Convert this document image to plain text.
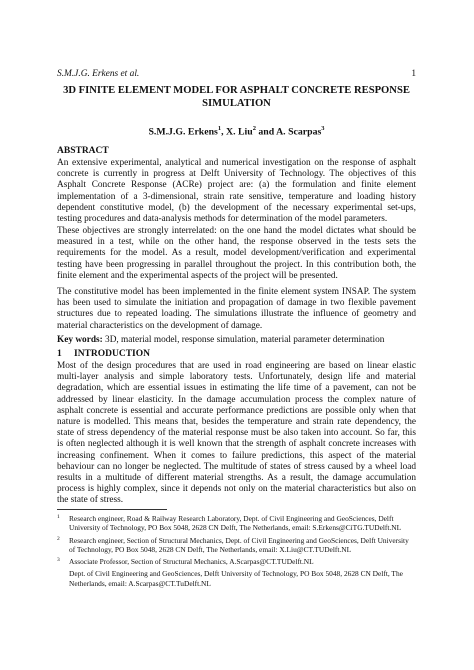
S.M.J.G. Erkens et al.	1
3D FINITE ELEMENT MODEL FOR ASPHALT CONCRETE RESPONSE
SIMULATION
S.M.J.G. Erkens$^1$, X. Liu$^2$ and A. Scarpas$^3$
ABSTRACT

An extensive experimental, analytical and numerical investigation on the response of asphalt concrete is currently in progress at Delft University of Technology. The objectives of this Asphalt Concrete Response (ACRe) project are: (a) the formulation and finite element implementation of a 3-dimensional, strain rate sensitive, temperature and loading history dependent constitutive model, (b) the development of the necessary experimental set-ups, testing procedures and data-analysis methods for determination of the model parameters.

These objectives are strongly interrelated: on the one hand the model dictates what should be measured in a test, while on the other hand, the response observed in the tests sets the requirements for the model. As a result, model development/verification and experimental testing have been progressing in parallel throughout the project. In this contribution both, the finite element and the experimental aspects of the project will be presented.

The constitutive model has been implemented in the finite element system INSAP. The system has been used to simulate the initiation and propagation of damage in two flexible pavement structures due to repeated loading. The simulations illustrate the influence of geometry and material characteristics on the development of damage.

Key words: 3D, material model, response simulation, material parameter determination

1 INTRODUCTION

Most of the design procedures that are used in road engineering are based on linear elastic multi-layer analysis and simple laboratory tests. Unfortunately, design life and material degradation, which are essential issues in estimating the life time of a pavement, can not be addressed by linear elasticity. In the damage accumulation process the complex nature of asphalt concrete is essential and accurate performance predictions are possible only when that nature is modelled. This means that, besides the temperature and strain rate dependency, the state of stress dependency of the material response must be also taken into account. So far, this is often neglected although it is well known that the strength of asphalt concrete increases with increasing confinement. When it comes to failure predictions, this aspect of the material behaviour can no longer be neglected. The multitude of states of stress caused by a wheel load results in a multitude of different material strengths. As a result, the damage accumulation process is highly complex, since it depends not only on the material characteristics but also on the state of stress.

1 Research engineer, Road & Railway Research Laboratory, Dept. of Civil Engineering and GeoSciences, Delft University of Technology, PO Box 5048, 2628 CN Delft, The Netherlands, email: S.Erkens@CiTG.TUDelft.NL
2 Research engineer, Section of Structural Mechanics, Dept. of Civil Engineering and GeoSciences, Delft University of Technology, PO Box 5048, 2628 CN Delft, The Netherlands, email: X.Liu@CT.TUDelft.NL
3 Associate Professor, Section of Structural Mechanics, A.Scarpas@CT.TUDelft.NL
Dept. of Civil Engineering and GeoSciences, Delft University of Technology, PO Box 5048, 2628 CN Delft, The Netherlands, email: A.Scarpas@CT.TuDelft.NL
